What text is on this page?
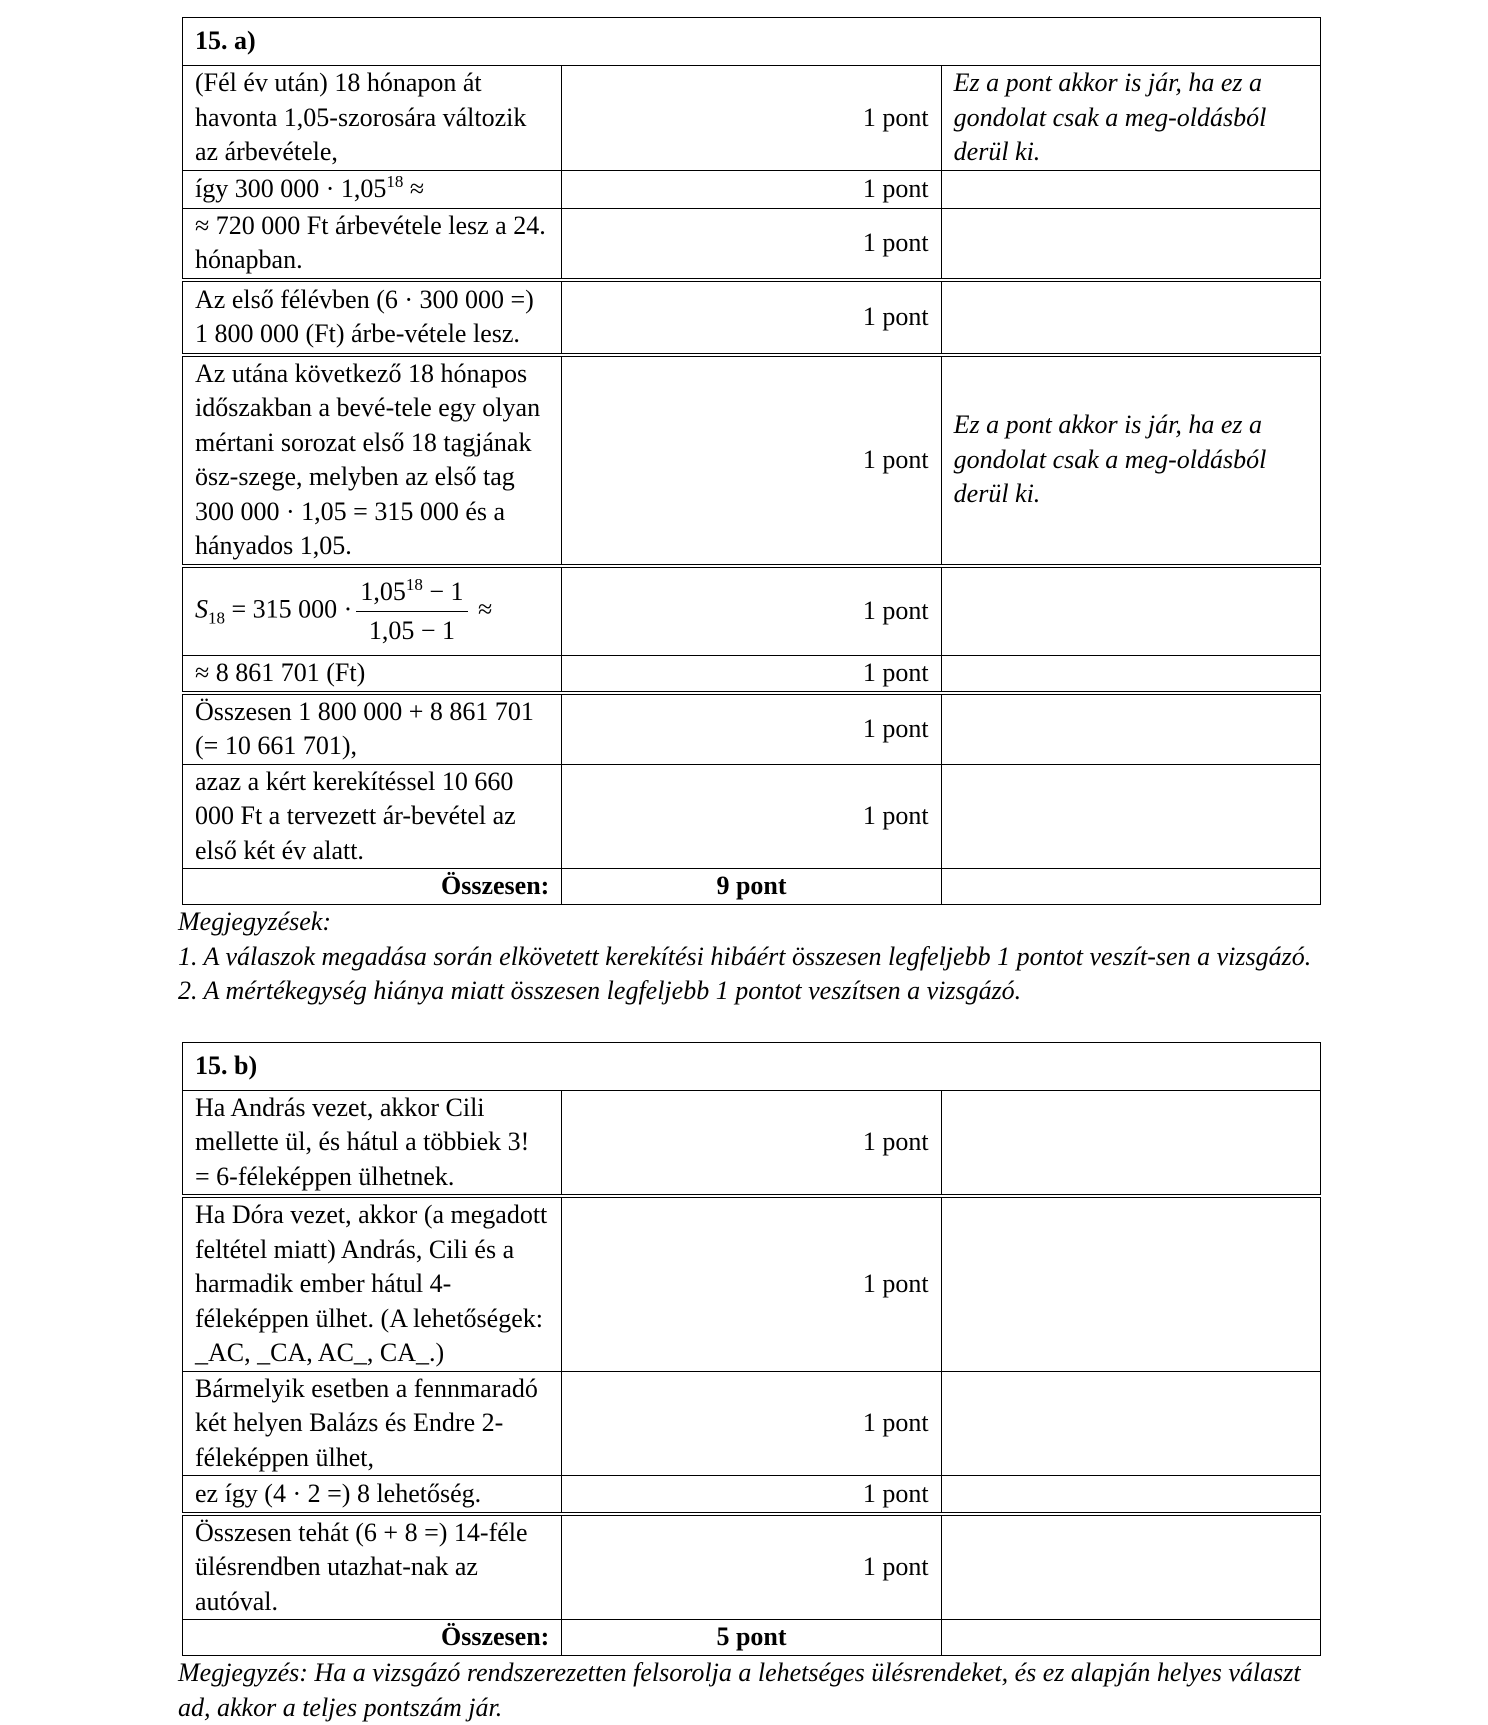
15. a)		
(Fél év után) 18 hónapon át havonta 1,05-szorosára változik az árbevétele,	1 pont	Ez a pont akkor is jár, ha ez a gondolat csak a meg-oldásból derül ki.
így 300 $000 \cdot 1,05^{18}$ ≈	1 pont	
≈ 720 000 Ft árbevétele lesz a 24. hónapban.	1 pont	
Az első félévben (6 · 300 000 =) 1 800 000 (Ft) árbe-vétele lesz.	1 pont	
Az utána következő 18 hónapos időszakban a bevé-tele egy olyan mértani sorozat első 18 tagjának ösz-szege, melyben az első tag 300 000 · 1,05 = 315 000 és a hányados 1,05.	1 pont	Ez a pont akkor is jár, ha ez a gondolat csak a meg-oldásból derül ki.
$S_{18} = 315$ $000 \cdot \frac{1,05^{18} - 1}{1,05 - 1}$ ≈	1 pont	
≈ 8 861 701 (Ft)	1 pont	
Összesen 1 800 000 + 8 861 701 (= 10 661 701),	1 pont	
azaz a kért kerekítéssel 10 660 000 Ft a tervezett ár-bevétel az első két év alatt.	1 pont	
Összesen:	9 pont	

Megjegyzések:

1. A válaszok megadása során elkövetett kerekítési hibáért összesen legfeljebb 1 pontot veszít-sen a vizsgázó.

2. A mértékegység hiánya miatt összesen legfeljebb 1 pontot veszítsen a vizsgázó.

15. b)		
Ha András vezet, akkor Cili mellette ül, és hátul a többiek 3! = 6-féleképpen ülhetnek.	1 pont	
Ha Dóra vezet, akkor (a megadott feltétel miatt) András, Cili és a harmadik ember hátul 4-féleképpen ülhet. (A lehetőségek: _AC, _CA, AC_, CA_.)	1 pont	
Bármelyik esetben a fennmaradó két helyen Balázs és Endre 2-féleképpen ülhet,	1 pont	
ez így (4 · 2 =) 8 lehetőség.	1 pont	
Összesen tehát (6 + 8 =) 14-féle ülésrendben utazhat-nak az autóval.	1 pont	
Összesen:	5 pont	

Megjegyzés: Ha a vizsgázó rendszerezetten felsorolja a lehetséges ülésrendeket, és ez alapján helyes választ ad, akkor a teljes pontszám jár.
